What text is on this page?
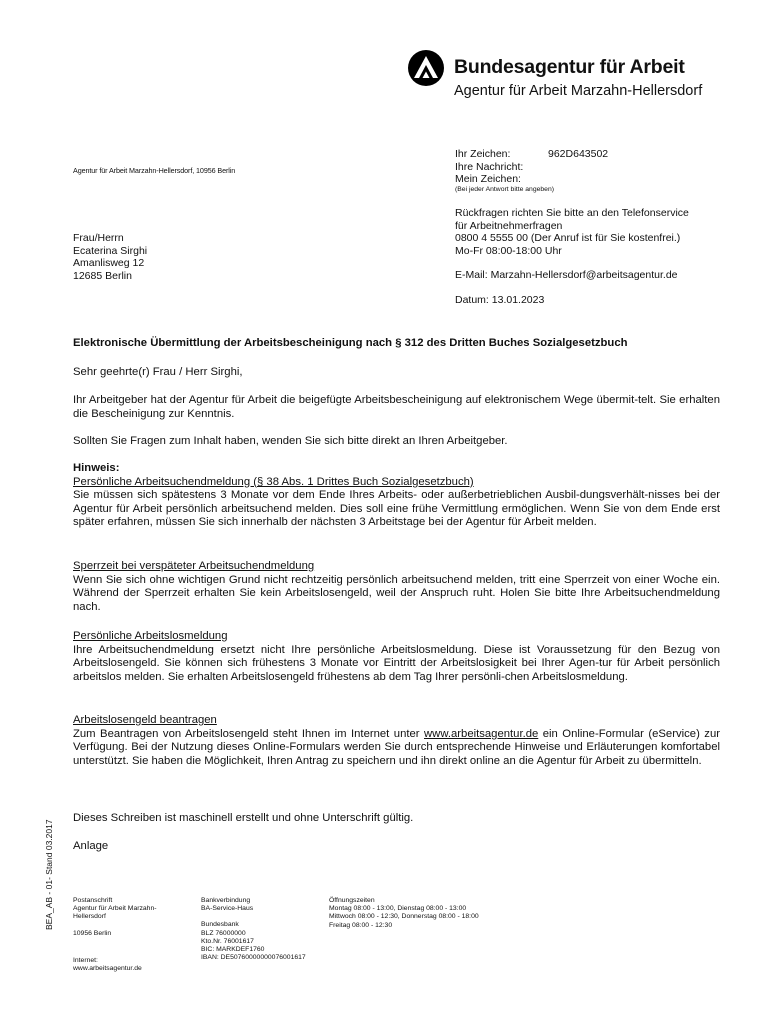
Bundesagentur für Arbeit
Agentur für Arbeit Marzahn-Hellersdorf
Agentur für Arbeit Marzahn-Hellersdorf, 10956 Berlin
Frau/Herrn
Ecaterina Sirghi
Amanlisweg 12
12685 Berlin
Ihr Zeichen:	962D643502
Ihre Nachricht:
Mein Zeichen:
(Bei jeder Antwort bitte angeben)
Rückfragen richten Sie bitte an den Telefonservice
für Arbeitnehmerfragen
0800 4 5555 00 (Der Anruf ist für Sie kostenfrei.)
Mo-Fr 08:00-18:00 Uhr
E-Mail: Marzahn-Hellersdorf@arbeitsagentur.de
Datum: 13.01.2023
Elektronische Übermittlung der Arbeitsbescheinigung nach § 312 des Dritten Buches Sozialgesetzbuch

Sehr geehrte(r) Frau / Herr Sirghi,

Ihr Arbeitgeber hat der Agentur für Arbeit die beigefügte Arbeitsbescheinigung auf elektronischem Wege übermit-telt. Sie erhalten die Bescheinigung zur Kenntnis.

Sollten Sie Fragen zum Inhalt haben, wenden Sie sich bitte direkt an Ihren Arbeitgeber.

Hinweis:
Persönliche Arbeitsuchendmeldung (§ 38 Abs. 1 Drittes Buch Sozialgesetzbuch)
Sie müssen sich spätestens 3 Monate vor dem Ende Ihres Arbeits- oder außerbetrieblichen Ausbil-dungsverhält-nisses bei der Agentur für Arbeit persönlich arbeitsuchend melden. Dies soll eine frühe Vermittlung ermöglichen. Wenn Sie von dem Ende erst später erfahren, müssen Sie sich innerhalb der nächsten 3 Arbeitstage bei der Agentur für Arbeit melden.
Sperrzeit bei verspäteter Arbeitsuchendmeldung
Wenn Sie sich ohne wichtigen Grund nicht rechtzeitig persönlich arbeitsuchend melden, tritt eine Sperrzeit von einer Woche ein. Während der Sperrzeit erhalten Sie kein Arbeitslosengeld, weil der Anspruch ruht. Holen Sie bitte Ihre Arbeitsuchendmeldung nach.
Persönliche Arbeitslosmeldung
Ihre Arbeitsuchendmeldung ersetzt nicht Ihre persönliche Arbeitslosmeldung. Diese ist Voraussetzung für den Bezug von Arbeitslosengeld. Sie können sich frühestens 3 Monate vor Eintritt der Arbeitslosigkeit bei Ihrer Agen-tur für Arbeit persönlich arbeitslos melden. Sie erhalten Arbeitslosengeld frühestens ab dem Tag Ihrer persönli-chen Arbeitslosmeldung.
Arbeitslosengeld beantragen
Zum Beantragen von Arbeitslosengeld steht Ihnen im Internet unter www.arbeitsagentur.de ein Online-Formular (eService) zur Verfügung. Bei der Nutzung dieses Online-Formulars werden Sie durch entsprechende Hinweise und Erläuterungen komfortabel unterstützt. Sie haben die Möglichkeit, Ihren Antrag zu speichern und ihn direkt online an die Agentur für Arbeit zu übermitteln.

Dieses Schreiben ist maschinell erstellt und ohne Unterschrift gültig.

Anlage

BEA_AB - 01- Stand 03.2017	Postanschrift
Agentur für Arbeit Marzahn-
Hellersdorf
10956 Berlin
Internet:
www.arbeitsagentur.de
Bankverbindung
BA-Service-Haus
Bundesbank
BLZ 76000000
Kto.Nr. 76001617
BIC: MARKDEF1760
IBAN: DE50760000000076001617
Öffnungszeiten
Montag 08:00 - 13:00, Dienstag 08:00 - 13:00
Mittwoch 08:00 - 12:30, Donnerstag 08:00 - 18:00
Freitag 08:00 - 12:30
